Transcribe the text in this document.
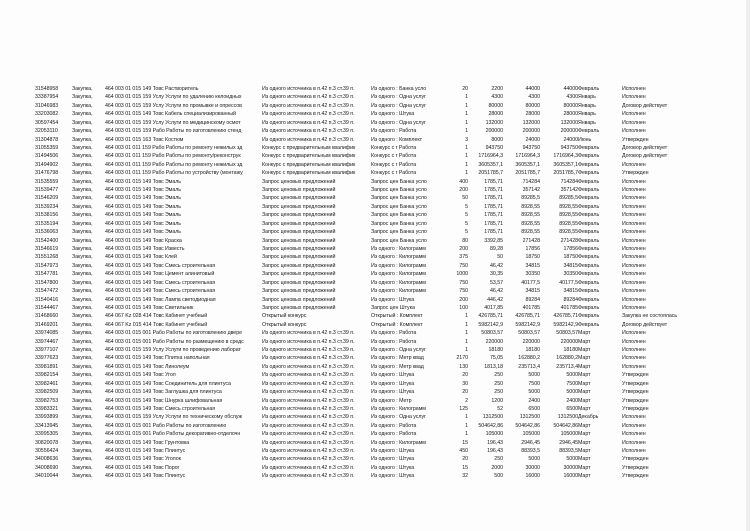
31548958	Закупка,	464 003 01 015 149 Товс Растворитель	Из одного источника в п.42 п.3 ст.39 п.	Из одного : Банка усло	20	2200	44000	44000 Февраль	Исполнен
33387954	Закупка,	464 003 01 015 159 Услу Услуги по удалению келоидных	Из одного источника в п.42 п.3 ст.39 п.	Из одного : Одна услуг	1	4300	4300	4300 Январь	Исполнен
31046983	Закупка,	464 003 01 015 159 Услу Услуги по промывке и опрессов	Из одного источника в п.42 п.3 ст.39 п.	Из одного : Одна услуг	1	80000	80000	80000 Январь	Договор действует
33203082	Закупка,	464 003 01 015 149 Товс Кабель специализированный	Из одного источника в п.42 п.3 ст.39 п.	Из одного : Штука	1	28000	28000	28000 Январь	Исполнен
30597454	Закупка,	464 003 01 015 159 Услу Услуги по медицинскому осмот	Из одного источника в п.42 п.3 ст.39 п.	Из одного : Одна услуг	1	132000	132000	132000 Январь	Исполнен
32053110	Закупка,	464 003 01 015 159 Рабо Работы по изготовлению стенд	Из одного источника в п.42 п.3 ст.39 п.	Из одного : Работа	1	200000	200000	200000 Февраль	Исполнен
31304878	Закупка,	464 003 01 015 163 Товс Костюм	Из одного источника в п.42 п.3 ст.39 п.	Из одного : Комплект	3	8000	24000	24000 Июнь	Утвержден
31055359	Закупка,	464 003 01 011 159 Рабо Работы по ремонту нежилых зд	Конкурс с предварительным квалифик	Конкурс с г Работа	1	943750	943750	943750 Февраль	Договор действует
31494506	Закупка,	464 003 01 011 159 Рабо Работы по ремонту/реконструк	Конкурс с предварительным квалифик	Конкурс с г Работа	1	1716964,3	1716964,3	1716964,3 Февраль	Договор действует
31494902	Закупка,	464 003 01 011 159 Рабо Работы по ремонту нежилых зд	Конкурс с предварительным квалифик	Конкурс с г Работа	1	3605357,1	3605357,1	3605357,1 Февраль	Исполнен
31476798	Закупка,	464 003 01 011 159 Рабо Работы по устройству (монтажу	Конкурс с предварительным квалифик	Конкурс с г Работа	1	2051785,7	2051785,7	2051785,7 Февраль	Утвержден
31535559	Закупка,	464 003 01 015 149 Товс Эмаль	Запрос ценовых предложений	Запрос цен Банка усло	400	1785,71	714284	714284 Февраль	Исполнен
31539477	Закупка,	464 003 01 015 149 Товс Эмаль	Запрос ценовых предложений	Запрос цен Банка усло	200	1785,71	357142	357142 Февраль	Исполнен
31546209	Закупка,	464 003 01 015 149 Товс Эмаль	Запрос ценовых предложений	Запрос цен Банка усло	50	1785,71	89285,5	89285,5 Февраль	Исполнен
31539234	Закупка,	464 003 01 015 149 Товс Эмаль	Запрос ценовых предложений	Запрос цен Банка усло	5	1785,71	8928,55	8928,55 Февраль	Исполнен
31538156	Закупка,	464 003 01 015 149 Товс Эмаль	Запрос ценовых предложений	Запрос цен Банка усло	5	1785,71	8928,55	8928,55 Февраль	Исполнен
31535194	Закупка,	464 003 01 015 149 Товс Эмаль	Запрос ценовых предложений	Запрос цен Банка усло	5	1785,71	8928,55	8928,55 Февраль	Исполнен
31536063	Закупка,	464 003 01 015 149 Товс Эмаль	Запрос ценовых предложений	Запрос цен Банка усло	5	1785,71	8928,55	8928,55 Февраль	Исполнен
31542400	Закупка,	464 003 01 015 149 Товс Краска	Запрос ценовых предложений	Запрос цен Банка усло	80	3392,85	271428	271428 Февраль	Исполнен
31546619	Закупка,	464 003 01 015 149 Товс Известь	Запрос ценовых предложений	Из одного : Килограмм	200	89,28	17856	17856 Февраль	Исполнен
31551268	Закупка,	464 003 01 015 149 Товс Клей	Запрос ценовых предложений	Из одного : Килограмм	375	50	18750	18750 Февраль	Исполнен
31547973	Закупка,	464 003 01 015 149 Товс Смесь строительная	Запрос ценовых предложений	Из одного : Килограмм	750	46,42	34815	34815 Февраль	Исполнен
31547781	Закупка,	464 003 01 015 149 Товс Цемент алинитовый	Запрос ценовых предложений	Из одного : Килограмм	1000	30,35	30350	30350 Февраль	Исполнен
31547800	Закупка,	464 003 01 015 149 Товс Смесь строительная	Запрос ценовых предложений	Из одного : Килограмм	750	53,57	40177,5	40177,5 Февраль	Исполнен
31547472	Закупка,	464 003 01 015 149 Товс Смесь строительная	Запрос ценовых предложений	Из одного : Килограмм	750	46,42	34815	34815 Февраль	Исполнен
31540416	Закупка,	464 003 01 015 149 Товс Лампа светодиодная	Запрос ценовых предложений	Из одного : Штука	200	446,42	89284	89284 Февраль	Исполнен
31544467	Закупка,	464 003 01 015 149 Товс Светильник	Запрос ценовых предложений	Запрос цен Штука	100	4017,85	401785	401785 Февраль	Исполнен
31468660	Закупка,	464 067 Kz 028 414 Товс Кабинет учебный	Открытый конкурс	Открытый : Комплект	1	426785,71	426785,71	426785,71 Февраль	Закупка не состоялась
31469201	Закупка,	464 067 Kz 015 414 Товс Кабинет учебный	Открытый конкурс	Открытый : Комплект	1	5982142,9	5982142,9	5982142,9 Февраль	Договор действует
33974085	Закупка,	464 003 01 015 001 Рабо Работы по изготовлению двере	Из одного источника в п.42 п.3 ст.39 п.	Из одного : Работа	1	50803,57	50803,57	50803,57 Март	Исполнен
33974467	Закупка,	464 003 01 015 001 Рабо Работы по размещению в средс	Из одного источника в п.42 п.3 ст.39 п.	Из одного : Работа	1	220000	220000	220000 Март	Исполнен
33977107	Закупка,	464 003 01 015 159 Услу Услуги по проведению лаборат	Из одного источника в п.42 п.3 ст.39 п.	Из одного : Одна услуг	1	18180	18180	18180 Март	Исполнен
33977623	Закупка,	464 003 01 015 149 Товс Плитка напольная	Из одного источника в п.42 п.3 ст.39 п.	Из одного : Метр квад	2170	75,05	162880,2	162880,2 Март	Исполнен
33981891	Закупка,	464 003 01 015 149 Товс Линолеум	Из одного источника в п.42 п.3 ст.39 п.	Из одного : Метр квад	130	1813,18	235713,4	235713,4 Март	Исполнен
33982154	Закупка,	464 003 01 015 149 Товс Угол	Из одного источника в п.42 п.3 ст.39 п.	Из одного : Штука	20	250	5000	5000 Март	Утвержден
33982461	Закупка,	464 003 01 015 149 Товс Соединитель для плинтуса	Из одного источника в п.42 п.3 ст.39 п.	Из одного : Штука	30	250	7500	7500 Март	Утвержден
33982509	Закупка,	464 003 01 015 149 Товс Заглушка для плинтуса	Из одного источника в п.42 п.3 ст.39 п.	Из одного : Штука	20	250	5000	5000 Март	Утвержден
33982753	Закупка,	464 003 01 015 149 Товс Шнурка шлифовальная	Из одного источника в п.42 п.3 ст.39 п.	Из одного : Метр	2	1200	2400	2400 Март	Утвержден
33983321	Закупка,	464 003 01 015 149 Товс Смесь строительная	Из одного источника в п.42 п.3 ст.39 п.	Из одного : Килограмм	125	52	6500	6500 Март	Утвержден
33993899	Закупка,	464 003 01 015 159 Услу Услуги по техническому обслуж	Из одного источника в п.42 п.3 ст.39 п.	Из одного : Одна услуг	1	1312500	1312500	1312500 Декабрь	Исполнен
33413945	Закупка,	464 003 01 015 001 Рабо Работы по изготовлению	Из одного источника в п.42 п.3 ст.39 п.	Из одного : Работа	1	504642,86	504642,86	504642,86 Март	Исполнен
33995305	Закупка,	464 003 01 015 001 Рабо Работы декоративно-отделочн	Из одного источника в п.42 п.3 ст.39 п.	Из одного : Работа	1	105000	105000	105000 Март	Исполнен
30820078	Закупка,	464 003 01 015 149 Товс Грунтовка	Из одного источника в п.42 п.3 ст.39 п.	Из одного : Килограмм	15	196,43	2946,45	2946,45 Март	Исполнен
30556424	Закупка,	464 003 01 015 149 Товс Плинтус	Из одного источника в п.42 п.3 ст.39 п.	Из одного : Штука	450	196,43	88393,5	88393,5 Март	Исполнен
34008636	Закупка,	464 003 01 015 149 Товс Уголок	Из одного источника в п.42 п.3 ст.39 п.	Из одного : Штука	20	250	5000	5000 Март	Утвержден
34008690	Закупка,	464 003 01 015 149 Товс Порог	Из одного источника в п.42 п.3 ст.39 п.	Из одного : Штука	15	2000	30000	30000 Март	Утвержден
34010044	Закупка,	464 003 01 015 149 Товс Плинтус	Из одного источника в п.42 п.3 ст.39 п.	Из одного : Штука	32	500	16000	16000 Март	Утвержден
